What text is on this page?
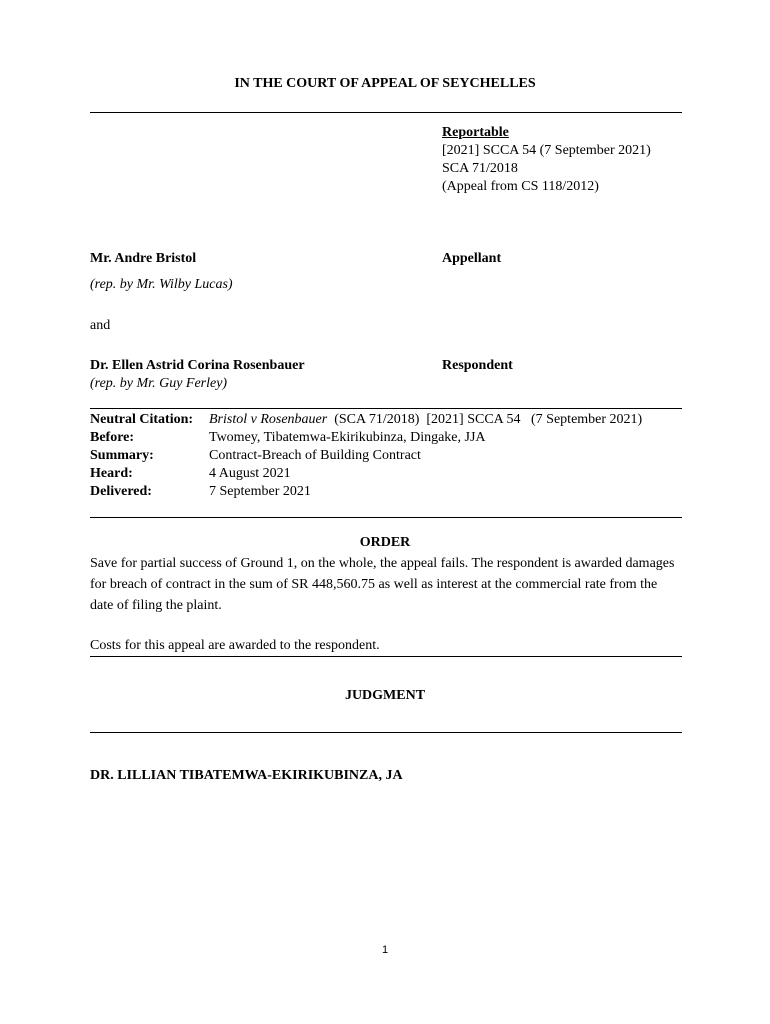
IN THE COURT OF APPEAL OF SEYCHELLES
Reportable
[2021] SCCA 54 (7 September 2021)
SCA 71/2018
(Appeal from CS 118/2012)
Mr. Andre Bristol	Appellant
(rep. by Mr. Wilby Lucas)
and
Dr. Ellen Astrid Corina Rosenbauer	Respondent
(rep. by Mr. Guy Ferley)
Neutral Citation: Bristol v Rosenbauer  (SCA 71/2018)  [2021] SCCA 54   (7 September 2021)
Before:	Twomey, Tibatemwa-Ekirikubinza, Dingake, JJA
Summary:	Contract-Breach of Building Contract
Heard:	4 August 2021
Delivered:	7 September 2021
ORDER
Save for partial success of Ground 1, on the whole, the appeal fails. The respondent is awarded damages for breach of contract in the sum of SR 448,560.75 as well as interest at the commercial rate from the date of filing the plaint.
Costs for this appeal are awarded to the respondent.
JUDGMENT
DR. LILLIAN TIBATEMWA-EKIRIKUBINZA, JA
1
